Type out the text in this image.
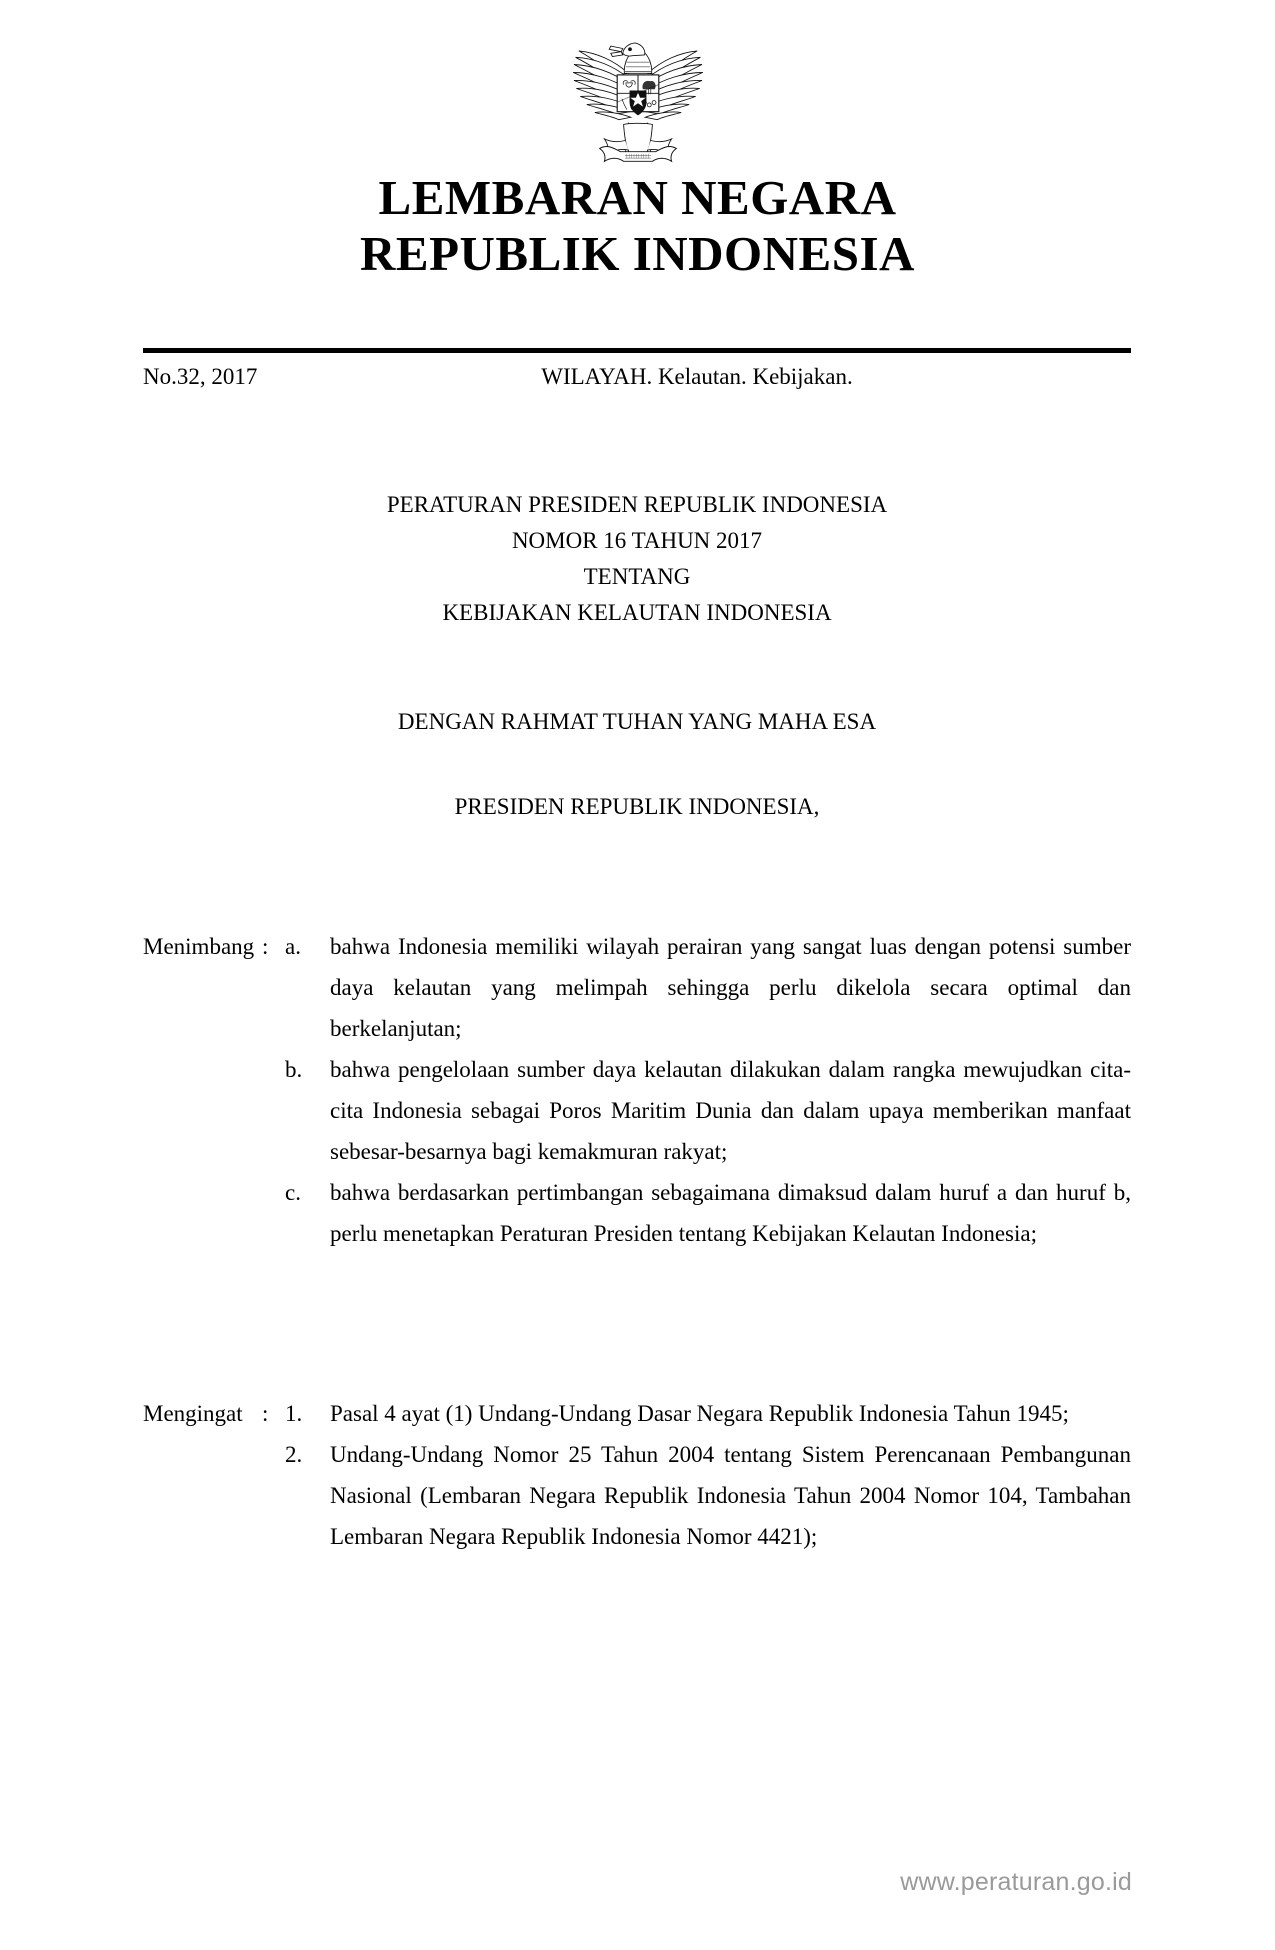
LEMBARAN NEGARA
REPUBLIK INDONESIA
No.32, 2017	WILAYAH. Kelautan. Kebijakan.
PERATURAN PRESIDEN REPUBLIK INDONESIA
NOMOR 16 TAHUN 2017
TENTANG
KEBIJAKAN KELAUTAN INDONESIA
DENGAN RAHMAT TUHAN YANG MAHA ESA
PRESIDEN REPUBLIK INDONESIA,
Menimbang : a.	bahwa Indonesia memiliki wilayah perairan yang sangat luas dengan potensi sumber daya kelautan yang melimpah sehingga perlu dikelola secara optimal dan berkelanjutan;
b.	bahwa pengelolaan sumber daya kelautan dilakukan dalam rangka mewujudkan cita-cita Indonesia sebagai Poros Maritim Dunia dan dalam upaya memberikan manfaat sebesar-besarnya bagi kemakmuran rakyat;
c.	bahwa berdasarkan pertimbangan sebagaimana dimaksud dalam huruf a dan huruf b, perlu menetapkan Peraturan Presiden tentang Kebijakan Kelautan Indonesia;
Mengingat : 1.	Pasal 4 ayat (1) Undang-Undang Dasar Negara Republik Indonesia Tahun 1945;
2.	Undang-Undang Nomor 25 Tahun 2004 tentang Sistem Perencanaan Pembangunan Nasional (Lembaran Negara Republik Indonesia Tahun 2004 Nomor 104, Tambahan Lembaran Negara Republik Indonesia Nomor 4421);
www.peraturan.go.id
